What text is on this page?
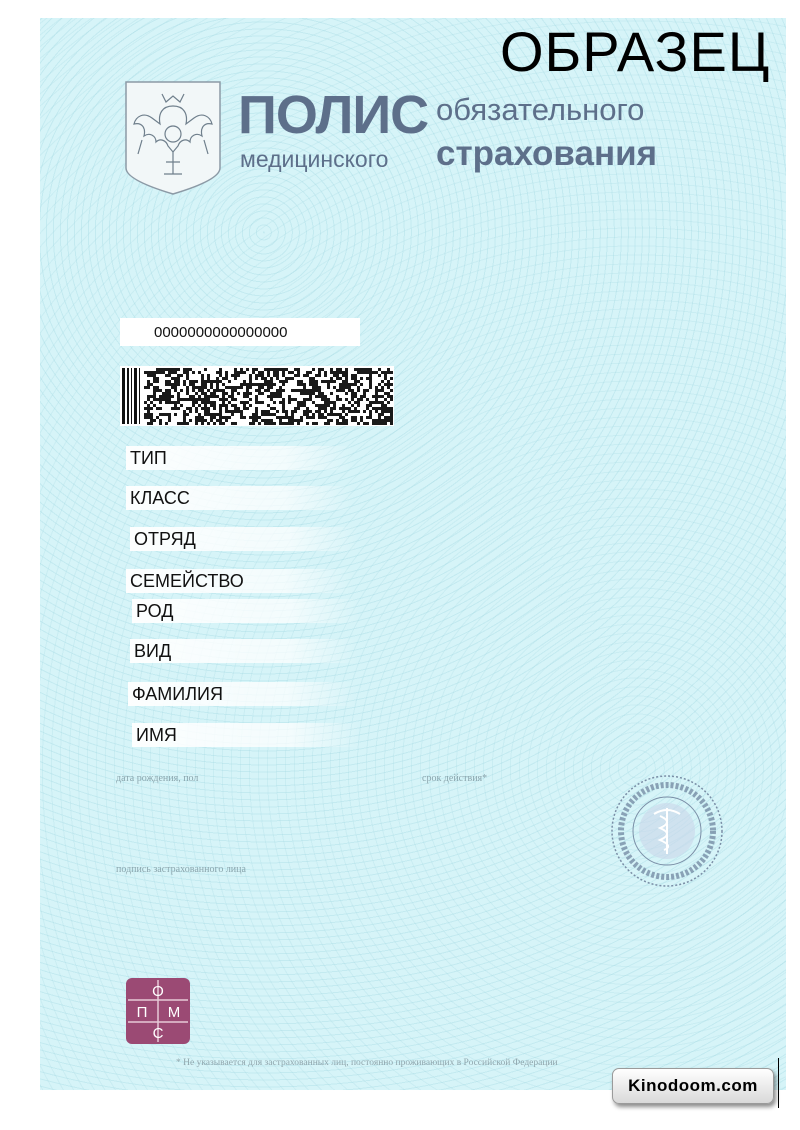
ОБРАЗЕЦ
ПОЛИС
медицинского
обязательного
страхования
0000000000000000
ТИП
КЛАСС
ОТРЯД
СЕМЕЙСТВО
РОД
ВИД
ФАМИЛИЯ
ИМЯ
дата рождения, пол	срок действия*
подпись застрахованного лица
О
П М
С
* Не указывается для застрахованных лиц, постоянно проживающих в Российской Федерации
Kinodoom.com
